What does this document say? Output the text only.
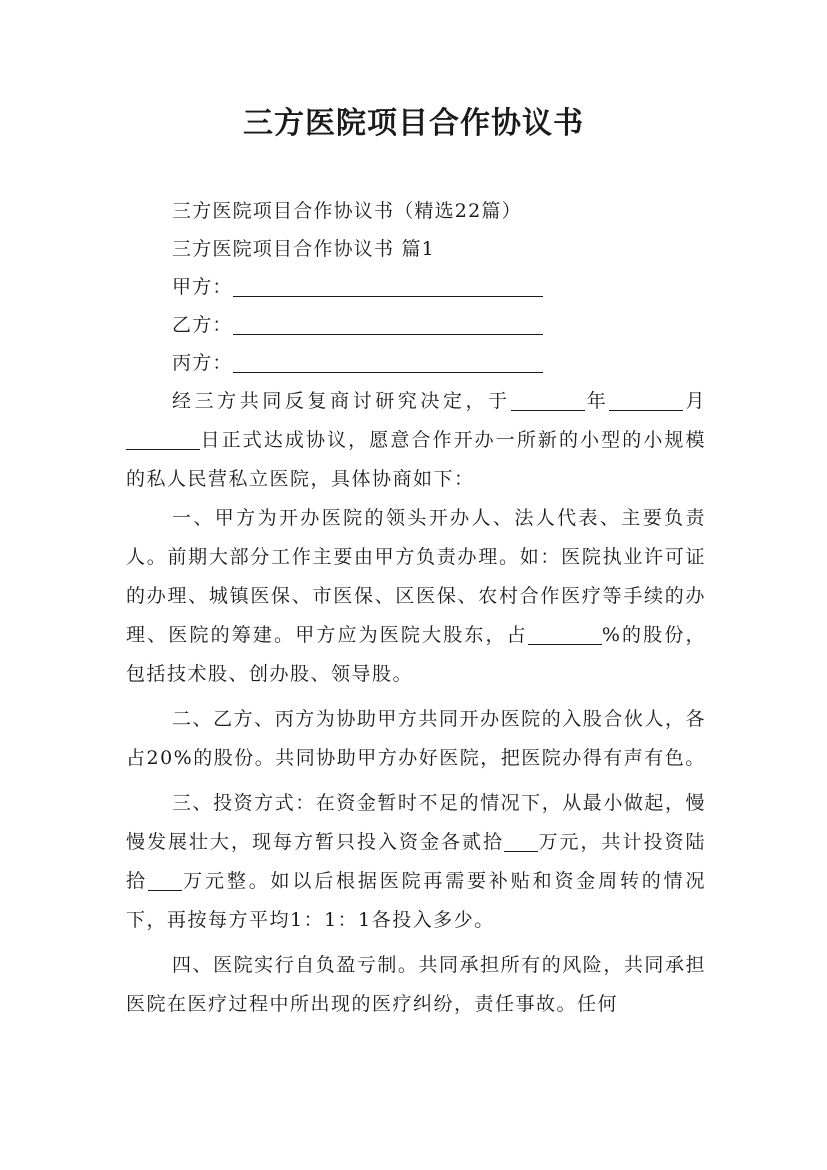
三方医院项目合作协议书
三方医院项目合作协议书（精选22篇）
三方医院项目合作协议书 篇1
甲方：
乙方：
丙方：

经三方共同反复商讨研究决定，于	年	月日正式达成协议，愿意合作开办一所新的小型的小规模的私人民营私立医院，具体协商如下：

一、甲方为开办医院的领头开办人、法人代表、主要负责人。前期大部分工作主要由甲方负责办理。如：医院执业许可证的办理、城镇医保、市医保、区医保、农村合作医疗等手续的办理、医院的筹建。甲方应为医院大股东，占	%的股份，包括技术股、创办股、领导股。

二、乙方、丙方为协助甲方共同开办医院的入股合伙人，各占20%的股份。共同协助甲方办好医院，把医院办得有声有色。

三、投资方式：在资金暂时不足的情况下，从最小做起，慢慢发展壮大，现每方暂只投入资金各贰拾 万元，共计投资陆拾 万元整。如以后根据医院再需要补贴和资金周转的情况下，再按每方平均1：1：1各投入多少。

四、医院实行自负盈亏制。共同承担所有的风险，共同承担医院在医疗过程中所出现的医疗纠纷，责任事故。任何
